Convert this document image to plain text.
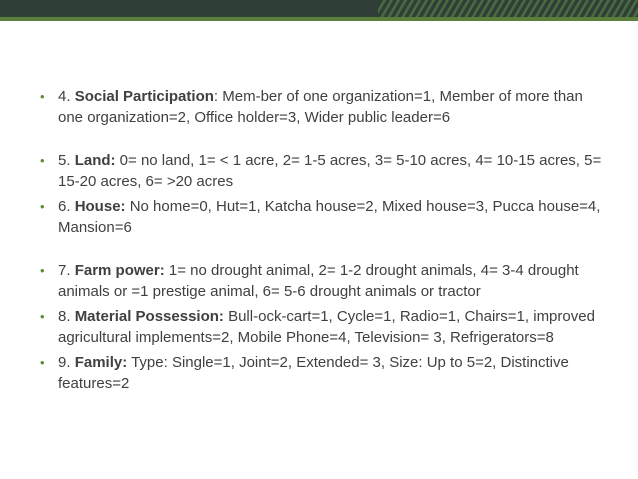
• 4. Social Participation: Mem-ber of one organization=1, Member of more than one organization=2, Office holder=3, Wider public leader=6
• 5. Land: 0= no land, 1= < 1 acre, 2= 1-5 acres, 3= 5-10 acres, 4= 10-15 acres, 5= 15-20 acres, 6= >20 acres
• 6. House: No home=0, Hut=1, Katcha house=2, Mixed house=3, Pucca house=4, Mansion=6
• 7. Farm power: 1= no drought animal, 2= 1-2 drought animals, 4= 3-4 drought animals or =1 prestige animal, 6= 5-6 drought animals or tractor
• 8. Material Possession: Bull-ock-cart=1, Cycle=1, Radio=1, Chairs=1, improved agricultural implements=2, Mobile Phone=4, Television= 3, Refrigerators=8
• 9. Family: Type: Single=1, Joint=2, Extended= 3, Size: Up to 5=2, Distinctive features=2
